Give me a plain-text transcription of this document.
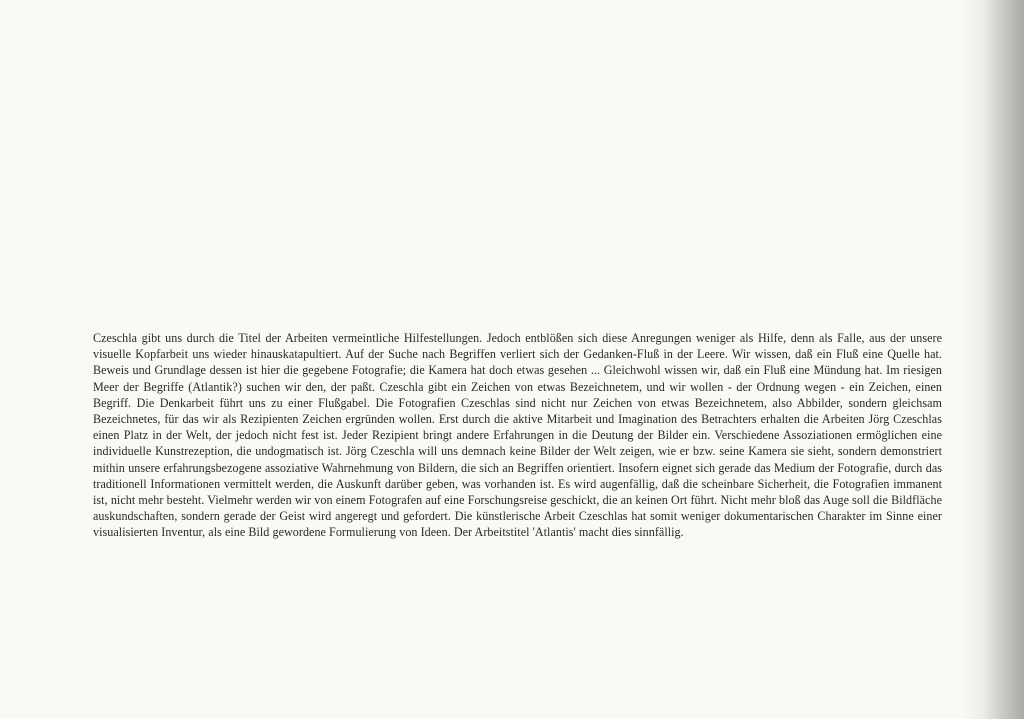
Czeschla gibt uns durch die Titel der Arbeiten vermeintliche Hilfestellungen. Jedoch entblößen sich diese Anregungen weniger als Hilfe, denn als Falle, aus der unsere visuelle Kopfarbeit uns wieder hinauskatapultiert. Auf der Suche nach Begriffen verliert sich der Gedanken-Fluß in der Leere. Wir wissen, daß ein Fluß eine Quelle hat. Beweis und Grundlage dessen ist hier die gegebene Fotografie; die Kamera hat doch etwas gesehen ... Gleichwohl wissen wir, daß ein Fluß eine Mündung hat. Im riesigen Meer der Begriffe (Atlantik?) suchen wir den, der paßt. Czeschla gibt ein Zeichen von etwas Bezeichnetem, und wir wollen - der Ordnung wegen - ein Zeichen, einen Begriff. Die Denkarbeit führt uns zu einer Flußgabel. Die Fotografien Czeschlas sind nicht nur Zeichen von etwas Bezeichnetem, also Abbilder, sondern gleichsam Bezeichnetes, für das wir als Rezipienten Zeichen ergründen wollen. Erst durch die aktive Mitarbeit und Imagination des Betrachters erhalten die Arbeiten Jörg Czeschlas einen Platz in der Welt, der jedoch nicht fest ist. Jeder Rezipient bringt andere Erfahrungen in die Deutung der Bilder ein. Verschiedene Assoziationen ermöglichen eine individuelle Kunstrezeption, die undogmatisch ist. Jörg Czeschla will uns demnach keine Bilder der Welt zeigen, wie er bzw. seine Kamera sie sieht, sondern demonstriert mithin unsere erfahrungsbezogene assoziative Wahrnehmung von Bildern, die sich an Begriffen orientiert. Insofern eignet sich gerade das Medium der Fotografie, durch das traditionell Informationen vermittelt werden, die Auskunft darüber geben, was vorhanden ist. Es wird augenfällig, daß die scheinbare Sicherheit, die Fotografien immanent ist, nicht mehr besteht. Vielmehr werden wir von einem Fotografen auf eine Forschungsreise geschickt, die an keinen Ort führt. Nicht mehr bloß das Auge soll die Bildfläche auskundschaften, sondern gerade der Geist wird angeregt und gefordert. Die künstlerische Arbeit Czeschlas hat somit weniger dokumentarischen Charakter im Sinne einer visualisierten Inventur, als eine Bild gewordene Formulierung von Ideen. Der Arbeitstitel 'Atlantis' macht dies sinnfällig.
